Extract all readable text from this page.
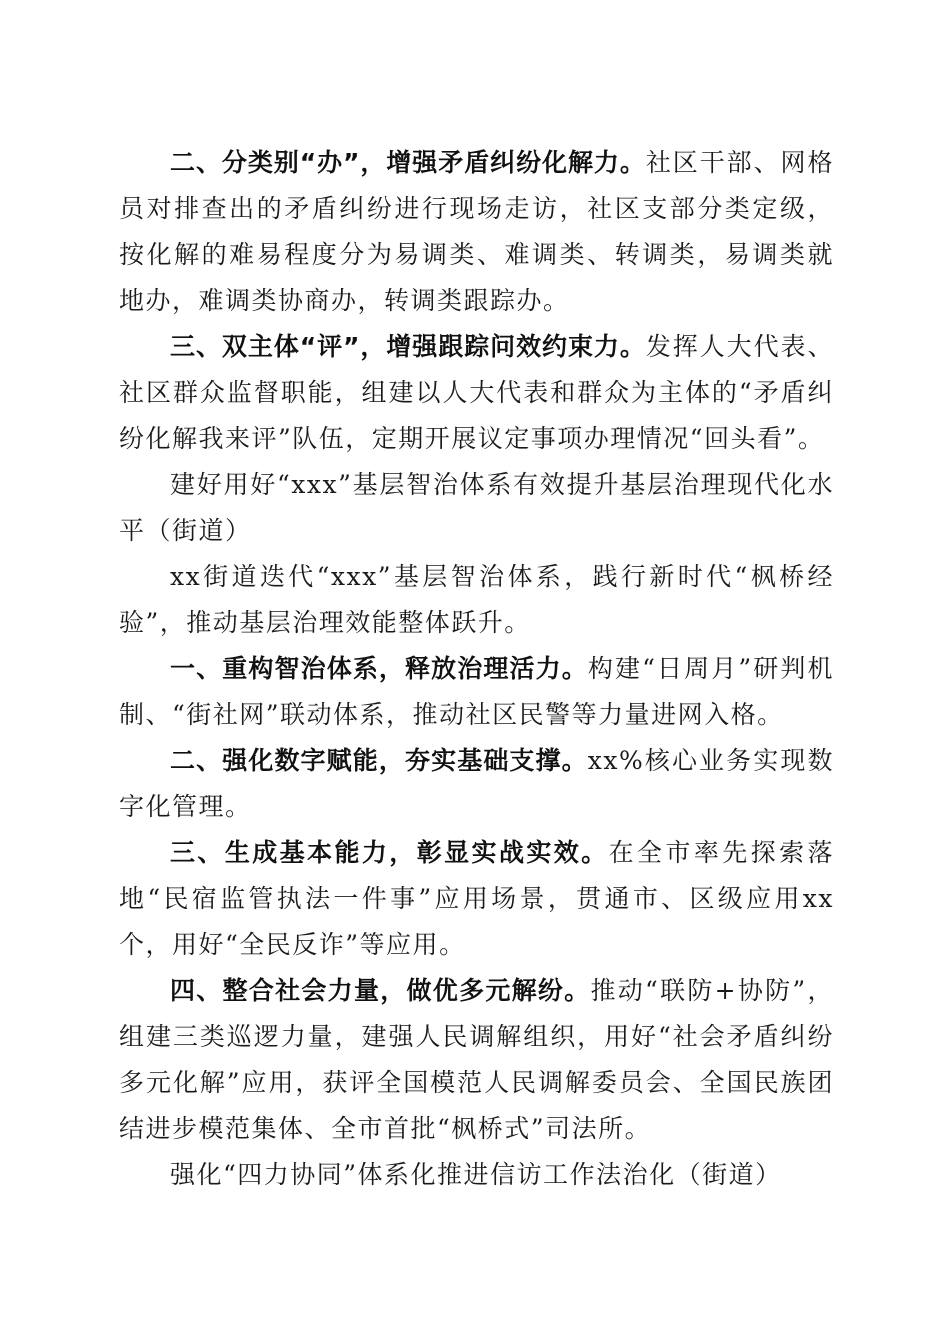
二、分类别“办”，增强矛盾纠纷化解力。社区干部、网格员对排查出的矛盾纠纷进行现场走访，社区支部分类定级，按化解的难易程度分为易调类、难调类、转调类，易调类就地办，难调类协商办，转调类跟踪办。

三、双主体“评”，增强跟踪问效约束力。发挥人大代表、社区群众监督职能，组建以人大代表和群众为主体的“矛盾纠纷化解我来评”队伍，定期开展议定事项办理情况“回头看”。

建好用好“xxx”基层智治体系有效提升基层治理现代化水平（街道）

xx街道迭代“xxx”基层智治体系，践行新时代“枫桥经验”，推动基层治理效能整体跃升。

一、重构智治体系，释放治理活力。构建“日周月”研判机制、“街社网”联动体系，推动社区民警等力量进网入格。

二、强化数字赋能，夯实基础支撑。xx%核心业务实现数字化管理。

三、生成基本能力，彰显实战实效。在全市率先探索落地“民宿监管执法一件事”应用场景，贯通市、区级应用xx个，用好“全民反诈”等应用。

四、整合社会力量，做优多元解纷。推动“联防+协防”，组建三类巡逻力量，建强人民调解组织，用好“社会矛盾纠纷多元化解”应用，获评全国模范人民调解委员会、全国民族团结进步模范集体、全市首批“枫桥式”司法所。

强化“四力协同”体系化推进信访工作法治化（街道）
